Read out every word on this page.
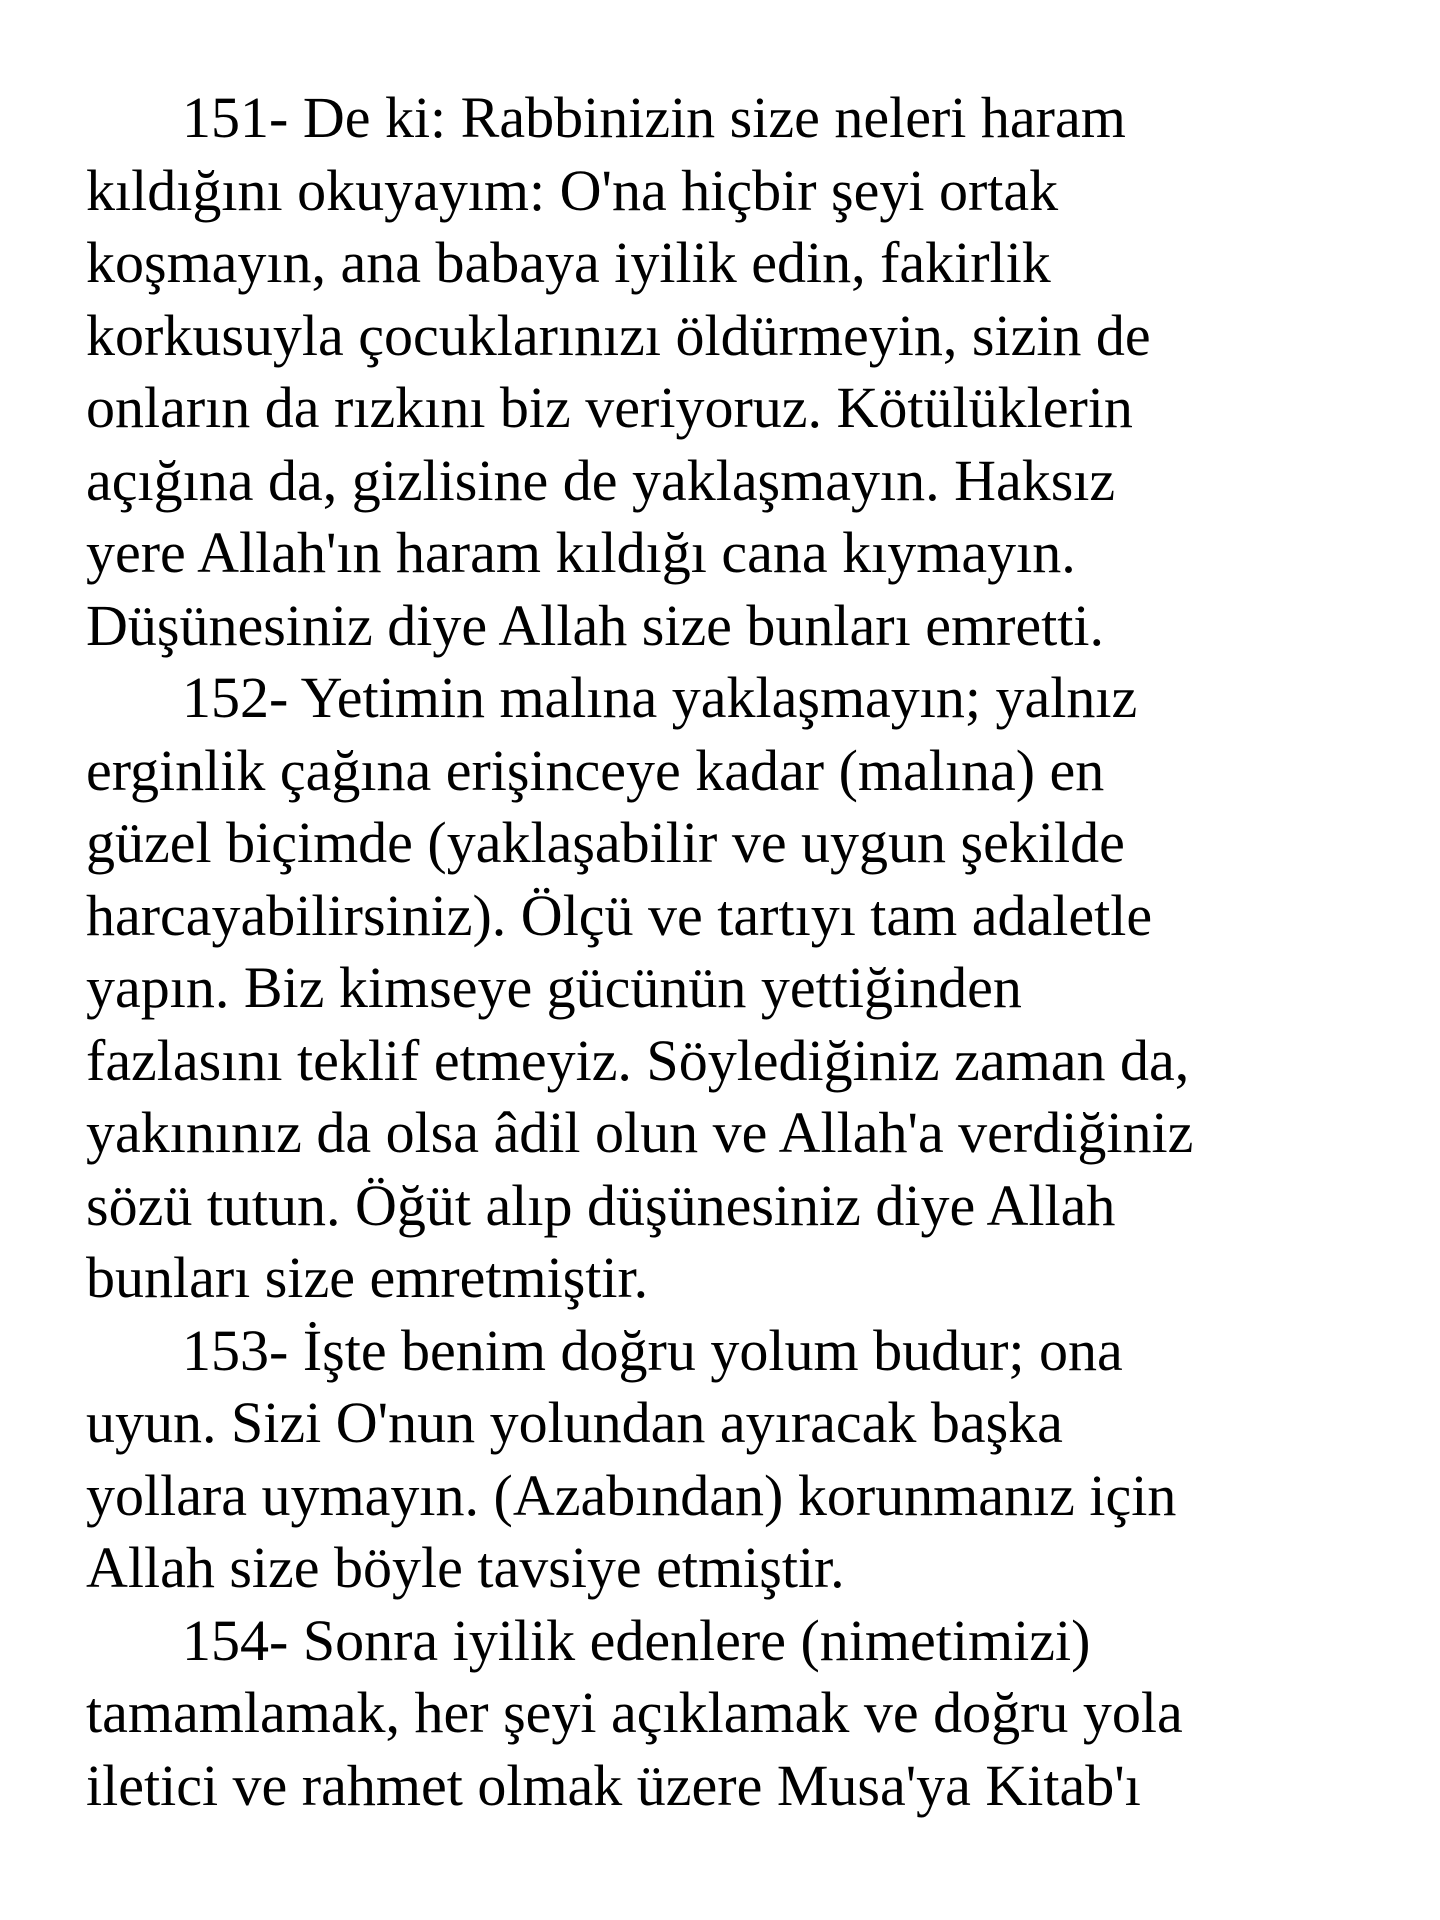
151- De ki: Rabbinizin size neleri haram

kıldığını okuyayım: O'na hiçbir şeyi ortak

koşmayın, ana babaya iyilik edin, fakirlik

korkusuyla çocuklarınızı öldürmeyin, sizin de

onların da rızkını biz veriyoruz. Kötülüklerin

açığına da, gizlisine de yaklaşmayın. Haksız

yere Allah'ın haram kıldığı cana kıymayın.

Düşünesiniz diye Allah size bunları emretti.

152- Yetimin malına yaklaşmayın; yalnız

erginlik çağına erişinceye kadar (malına) en

güzel biçimde (yaklaşabilir ve uygun şekilde

harcayabilirsiniz). Ölçü ve tartıyı tam adaletle

yapın. Biz kimseye gücünün yettiğinden

fazlasını teklif etmeyiz. Söylediğiniz zaman da,

yakınınız da olsa âdil olun ve Allah'a verdiğiniz

sözü tutun. Öğüt alıp düşünesiniz diye Allah

bunları size emretmiştir.

153- İşte benim doğru yolum budur; ona

uyun. Sizi O'nun yolundan ayıracak başka

yollara uymayın. (Azabından) korunmanız için

Allah size böyle tavsiye etmiştir.

154- Sonra iyilik edenlere (nimetimizi)

tamamlamak, her şeyi açıklamak ve doğru yola

iletici ve rahmet olmak üzere Musa'ya Kitab'ı
